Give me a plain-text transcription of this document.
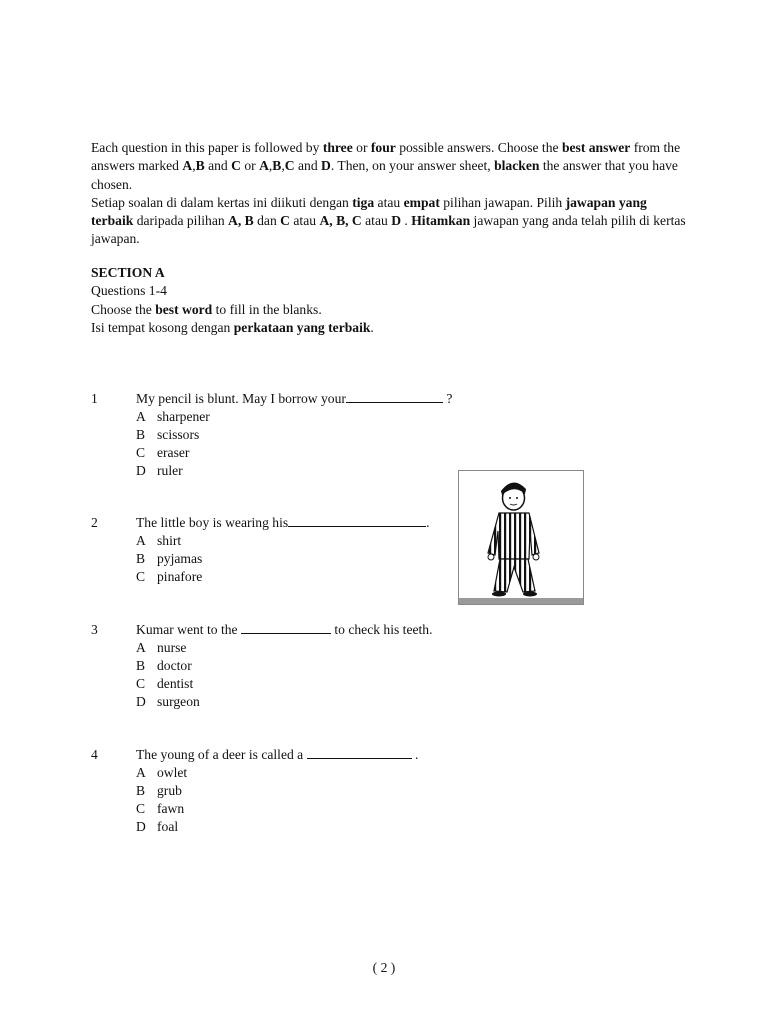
Each question in this paper is followed by three or four possible answers. Choose the best answer from the answers marked A,B and C or A,B,C and D. Then, on your answer sheet, blacken the answer that you have chosen.

Setiap soalan di dalam kertas ini diikuti dengan tiga atau empat pilihan jawapan. Pilih jawapan yang terbaik daripada pilihan A, B dan C atau A, B, C atau D . Hitamkan jawapan yang anda telah pilih di kertas jawapan.

SECTION A

Questions 1-4

Choose the best word to fill in the blanks.

Isi tempat kosong dengan perkataan yang terbaik.

1	My pencil is blunt. May I borrow your	?
A sharpener
B scissors
C eraser
D ruler
2	The little boy is wearing his	.
A shirt
B pyjamas
C pinafore
3	Kumar went to the	to check his teeth.
A nurse
B doctor
C dentist
D surgeon
4	The young of a deer is called a	.
A owlet
B grub
C fawn
D foal
( 2 )
